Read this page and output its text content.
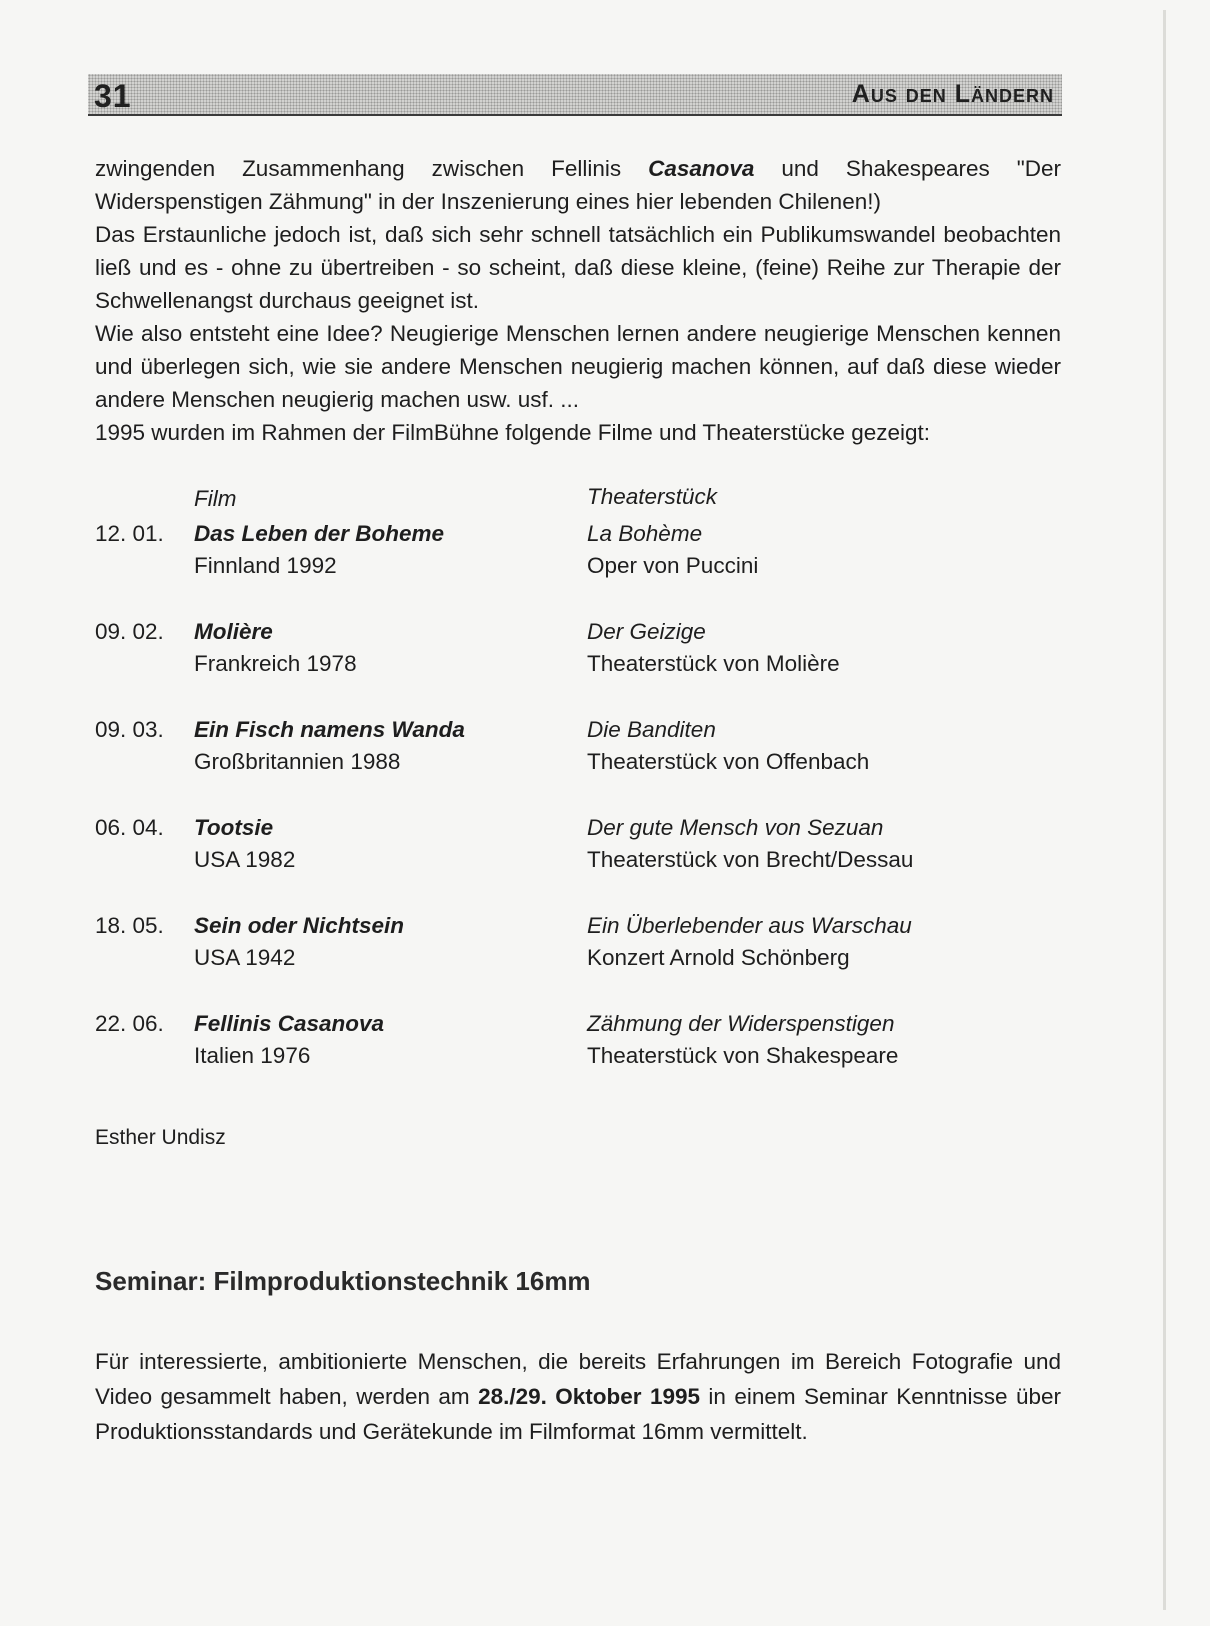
31	Aus den Ländern

zwingenden Zusammenhang zwischen Fellinis Casanova und Shakespeares "Der Widerspenstigen Zähmung" in der Inszenierung eines hier lebenden Chilenen!)

Das Erstaunliche jedoch ist, daß sich sehr schnell tatsächlich ein Publikumswandel beobachten ließ und es - ohne zu übertreiben - so scheint, daß diese kleine, (feine) Reihe zur Therapie der Schwellenangst durchaus geeignet ist.

Wie also entsteht eine Idee? Neugierige Menschen lernen andere neugierige Menschen kennen und überlegen sich, wie sie andere Menschen neugierig machen können, auf daß diese wieder andere Menschen neugierig machen usw. usf. ...

1995 wurden im Rahmen der FilmBühne folgende Filme und Theaterstücke gezeigt:

Film	Theaterstück
12. 01. Das Leben der Boheme
Finnland 1992
La Bohème
Oper von Puccini
09. 02. Molière
Frankreich 1978
Der Geizige
Theaterstück von Molière
09. 03. Ein Fisch namens Wanda
Großbritannien 1988
Die Banditen
Theaterstück von Offenbach
06. 04. Tootsie
USA 1982
Der gute Mensch von Sezuan
Theaterstück von Brecht/Dessau
18. 05. Sein oder Nichtsein
USA 1942
Ein Überlebender aus Warschau
Konzert Arnold Schönberg
22. 06. Fellinis Casanova
Italien 1976
Zähmung der Widerspenstigen
Theaterstück von Shakespeare
Esther Undisz
Seminar: Filmproduktionstechnik 16mm

Für interessierte, ambitionierte Menschen, die bereits Erfahrungen im Bereich Fotografie und Video gesammelt haben, werden am 28./29. Oktober 1995 in einem Seminar Kenntnisse über Produktionsstandards und Gerätekunde im Filmformat 16mm vermittelt.
